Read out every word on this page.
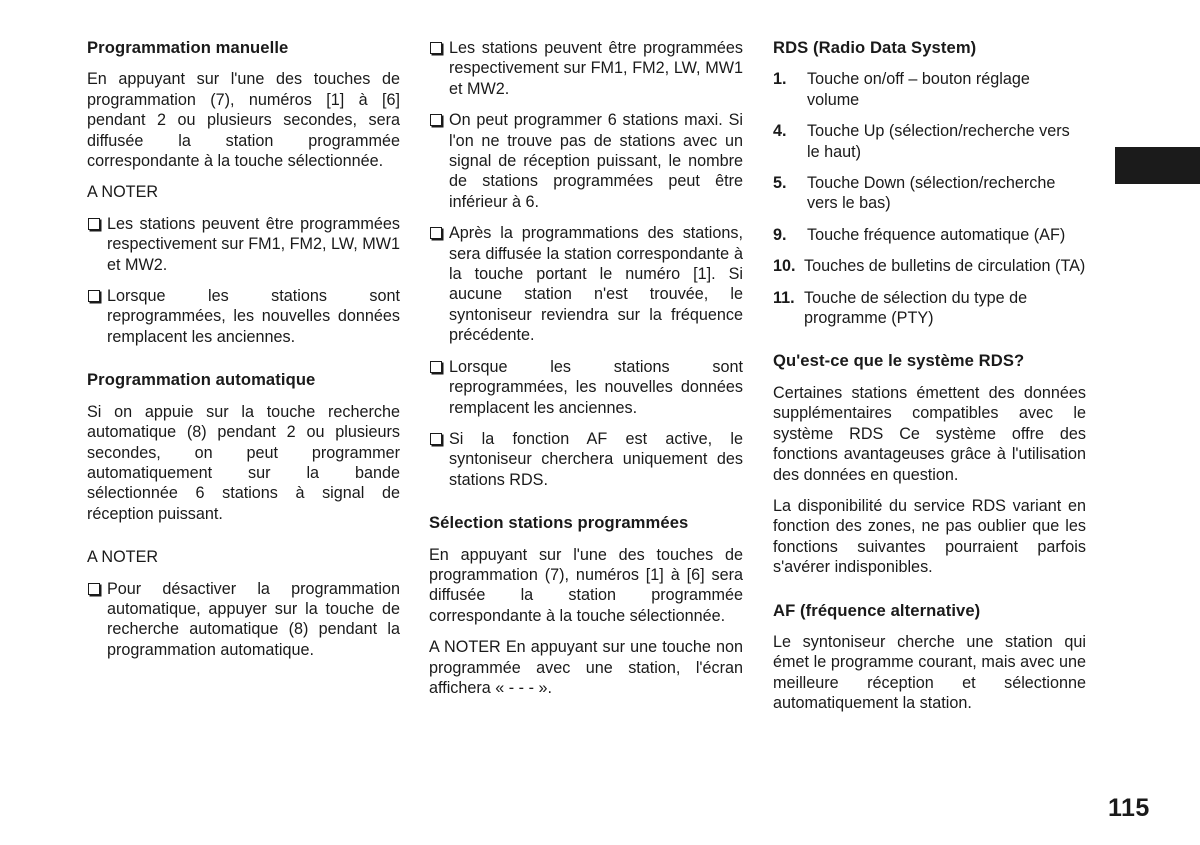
Programmation manuelle
En appuyant sur l'une des touches de programmation (7), numéros [1] à [6] pendant 2 ou plusieurs secondes, sera diffusée la station programmée correspondante à la touche sélectionnée.
A NOTER
Les stations peuvent être programmées respectivement sur FM1, FM2, LW, MW1 et MW2.
Lorsque les stations sont reprogrammées, les nouvelles données remplacent les anciennes.
Programmation automatique
Si on appuie sur la touche recherche automatique (8) pendant 2 ou plusieurs secondes, on peut programmer automatiquement sur la bande sélectionnée 6 stations à signal de réception puissant.
A NOTER
Pour désactiver la programmation automatique, appuyer sur la touche de recherche automatique (8) pendant la programmation automatique.
Les stations peuvent être programmées respectivement sur FM1, FM2, LW, MW1 et MW2.
On peut programmer 6 stations maxi. Si l'on ne trouve pas de stations avec un signal de réception puissant, le nombre de stations programmées peut être inférieur à 6.
Après la programmations des stations, sera diffusée la station correspondante à la touche portant le numéro [1]. Si aucune station n'est trouvée, le syntoniseur reviendra sur la fréquence précédente.
Lorsque les stations sont reprogrammées, les nouvelles données remplacent les anciennes.
Si la fonction AF est active, le syntoniseur cherchera uniquement des stations RDS.
Sélection stations programmées
En appuyant sur l'une des touches de programmation (7), numéros [1] à [6] sera diffusée la station programmée correspondante à la touche sélectionnée.
A NOTER En appuyant sur une touche non programmée avec une station, l'écran affichera « - - - ».
RDS (Radio Data System)
1. Touche on/off – bouton réglage volume
4. Touche Up (sélection/recherche vers le haut)
5. Touche Down (sélection/recherche vers le bas)
9. Touche fréquence automatique (AF)
10. Touches de bulletins de circulation (TA)
11. Touche de sélection du type de programme (PTY)
Qu'est-ce que le système RDS?
Certaines stations émettent des données supplémentaires compatibles avec le système RDS Ce système offre des fonctions avantageuses grâce à l'utilisation des données en question.
La disponibilité du service RDS variant en fonction des zones, ne pas oublier que les fonctions suivantes pourraient parfois s'avérer indisponibles.
AF (fréquence alternative)
Le syntoniseur cherche une station qui émet le programme courant, mais avec une meilleure réception et sélectionne automatiquement la station.
115
